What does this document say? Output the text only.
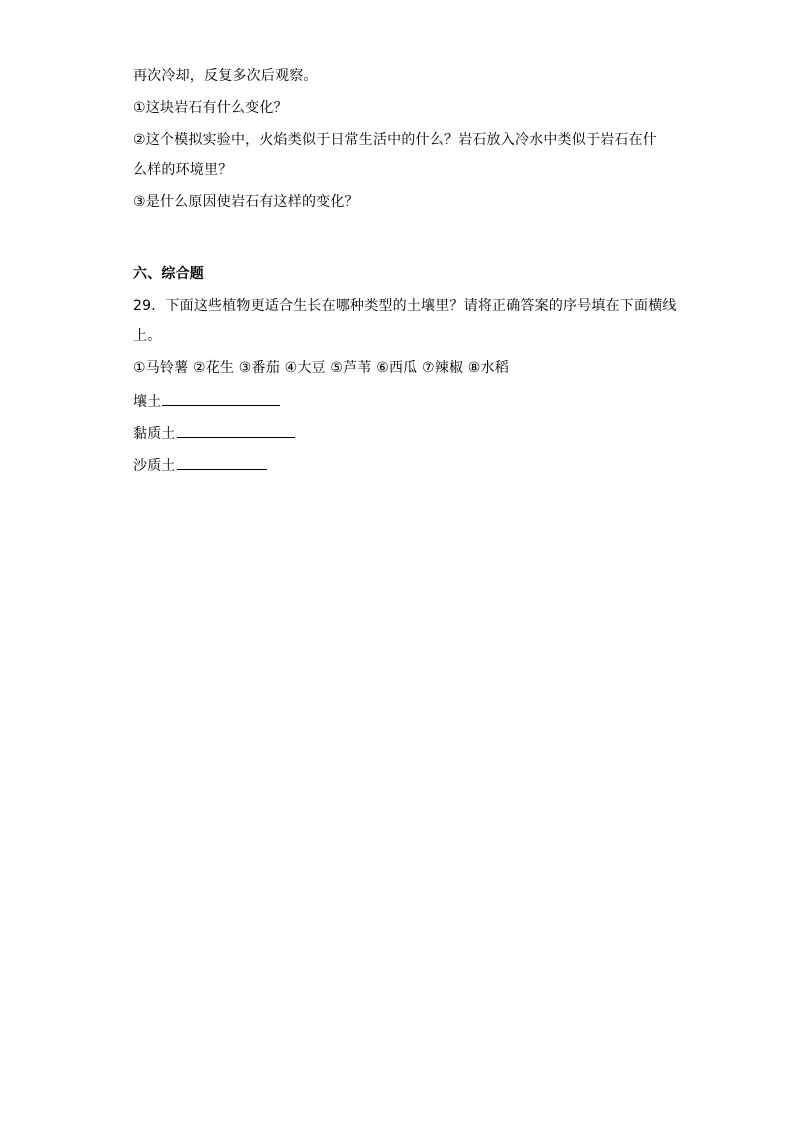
再次冷却，反复多次后观察。
①这块岩石有什么变化？
②这个模拟实验中，火焰类似于日常生活中的什么？岩石放入冷水中类似于岩石在什
么样的环境里？
③是什么原因使岩石有这样的变化？
六、综合题
29．下面这些植物更适合生长在哪种类型的土壤里？请将正确答案的序号填在下面横线
上。
①马铃薯 ②花生 ③番茄 ④大豆 ⑤芦苇 ⑥西瓜 ⑦辣椒 ⑧水稻
壤土
黏质土
沙质土
